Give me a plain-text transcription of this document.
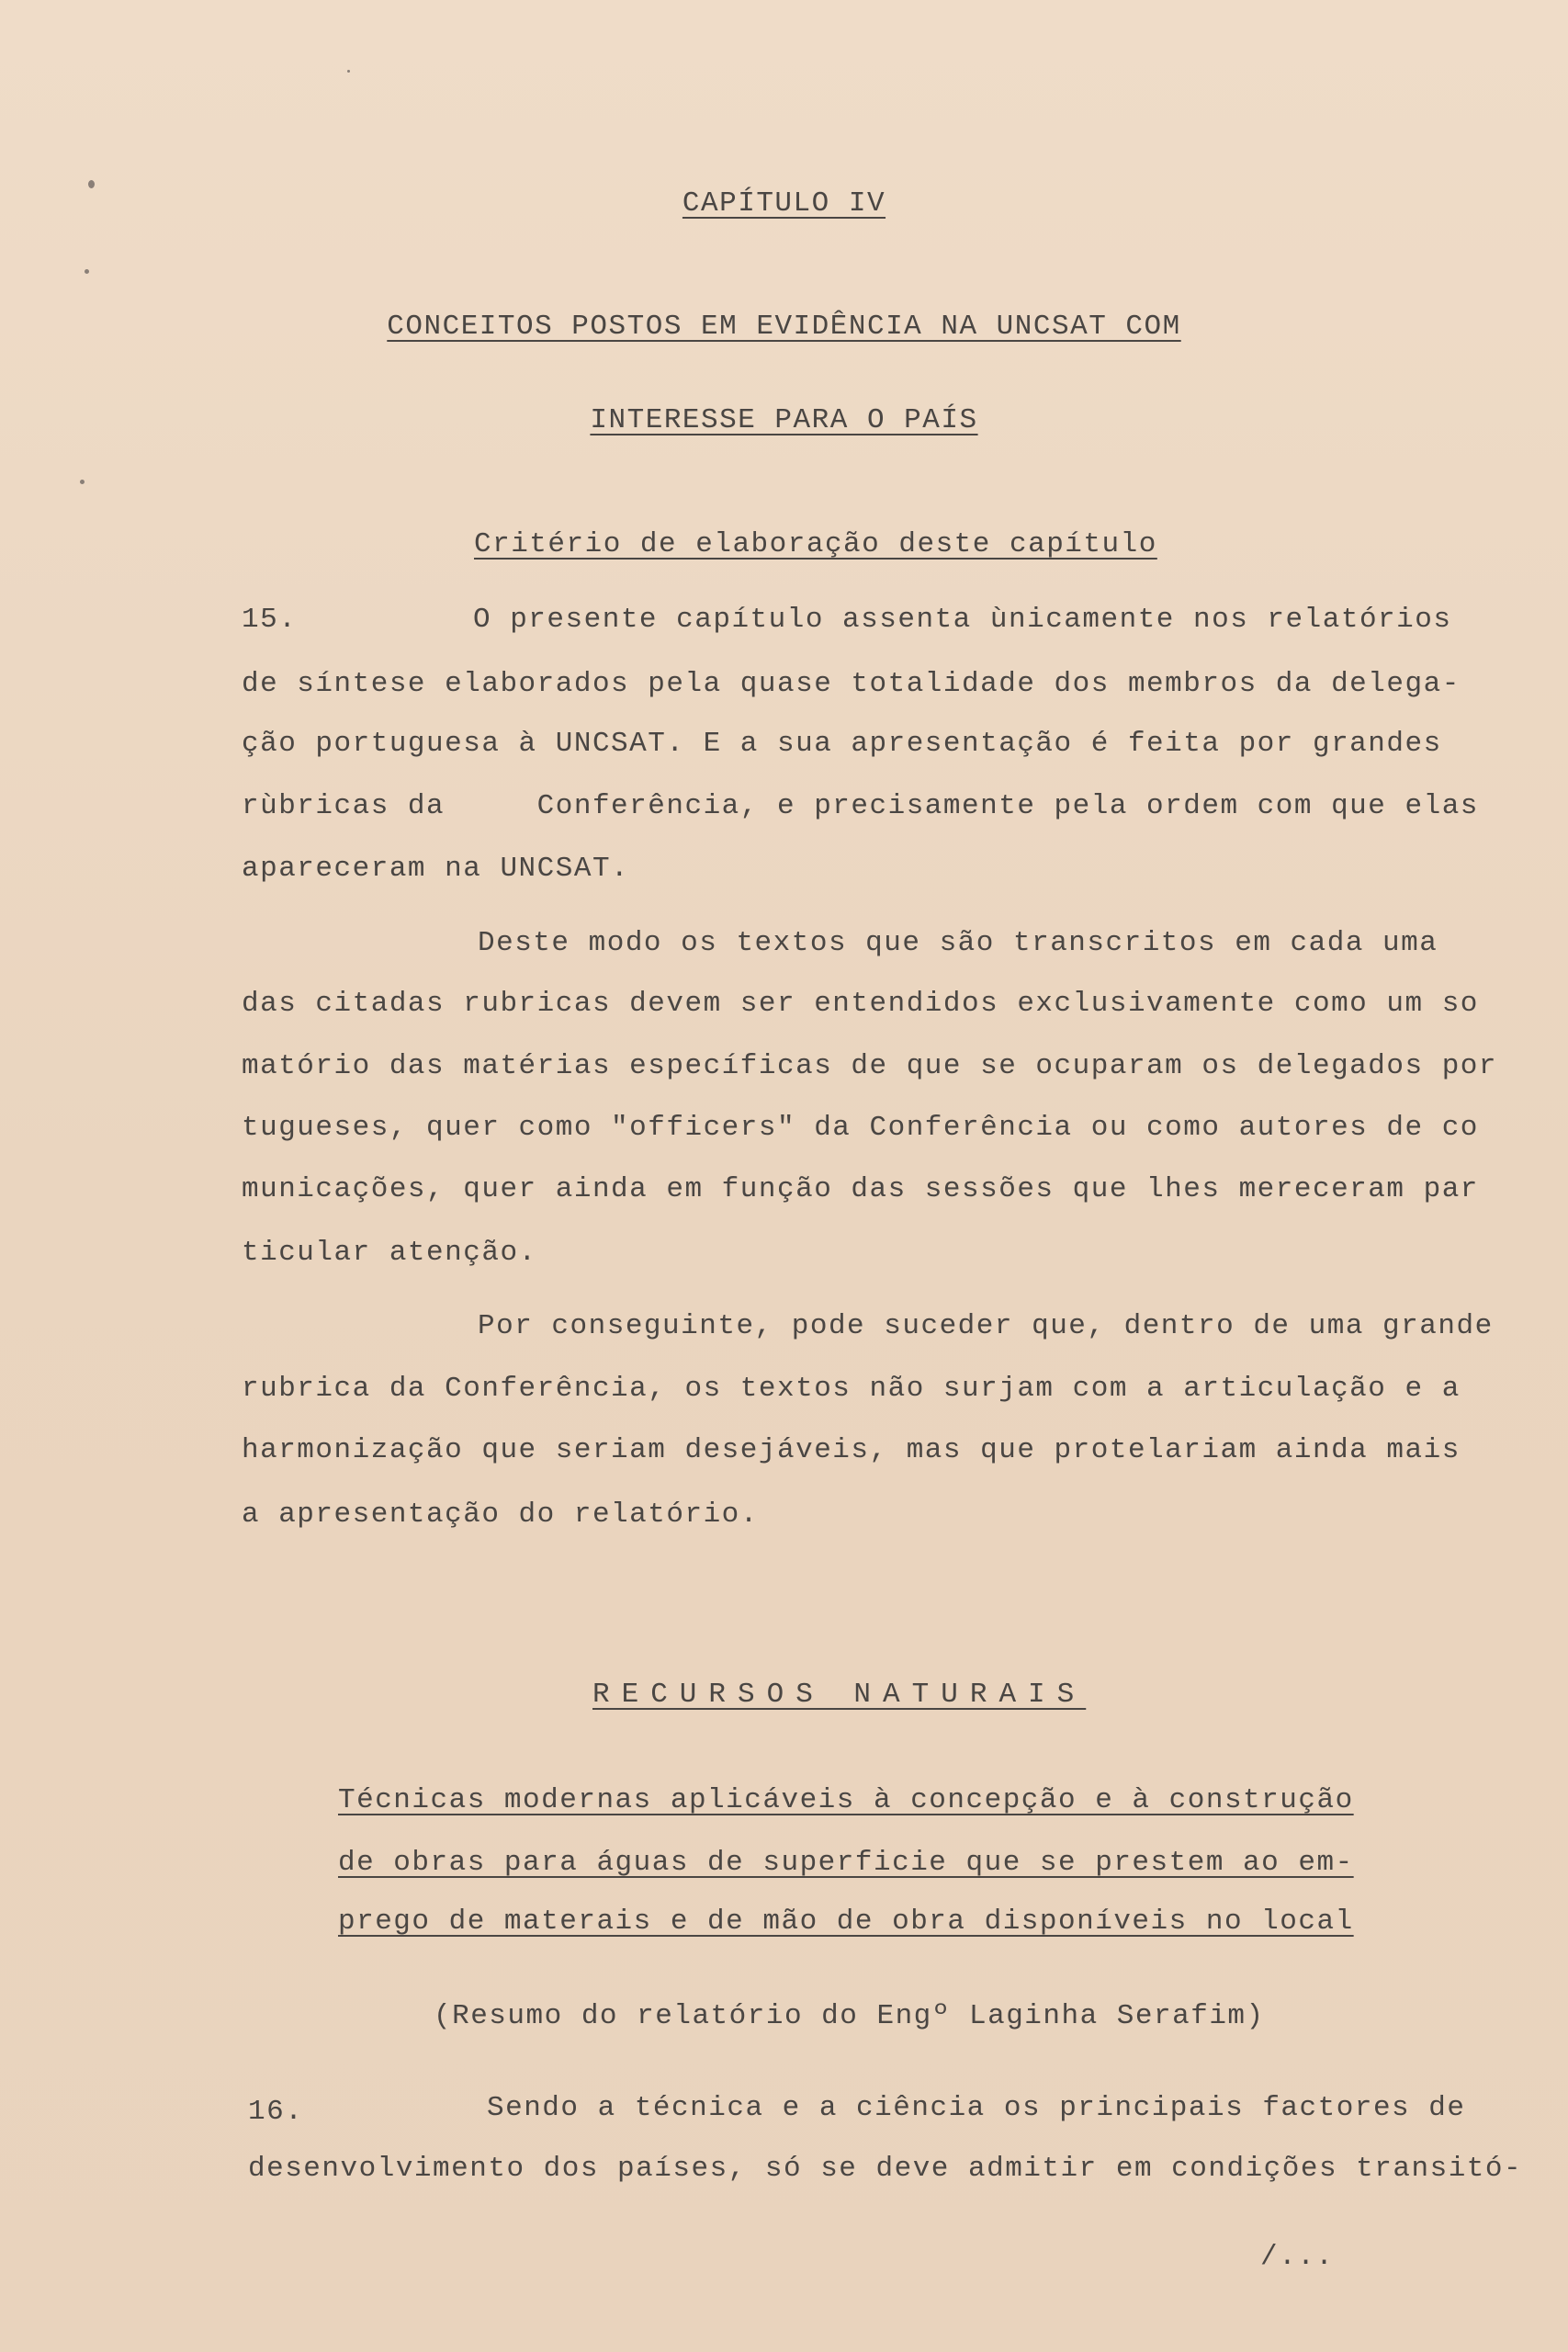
CAPÍTULO IV
CONCEITOS POSTOS EM EVIDÊNCIA NA UNCSAT COM
INTERESSE PARA O PAÍS
Critério de elaboração deste capítulo
15.	O presente capítulo assenta ùnicamente nos relatórios
de síntese elaborados pela quase totalidade dos membros da delega-
ção portuguesa à UNCSAT. E a sua apresentação é feita por grandes
rùbricas da     Conferência, e precisamente pela ordem com que elas
apareceram na UNCSAT.
Deste modo os textos que são transcritos em cada uma
das citadas rubricas devem ser entendidos exclusivamente como um so
matório das matérias específicas de que se ocuparam os delegados por
tugueses, quer como "officers" da Conferência ou como autores de co
municações, quer ainda em função das sessões que lhes mereceram par
ticular atenção.
Por conseguinte, pode suceder que, dentro de uma grande
rubrica da Conferência, os textos não surjam com a articulação e a
harmonização que seriam desejáveis, mas que protelariam ainda mais
a apresentação do relatório.
RECURSOS NATURAIS
Técnicas modernas aplicáveis à concepção e à construção
de obras para águas de superficie que se prestem ao em-
prego de materais e de mão de obra disponíveis no local
(Resumo do relatório do Engº Laginha Serafim)
16.	Sendo a técnica e a ciência os principais factores de
desenvolvimento dos países, só se deve admitir em condições transitó-
/...
